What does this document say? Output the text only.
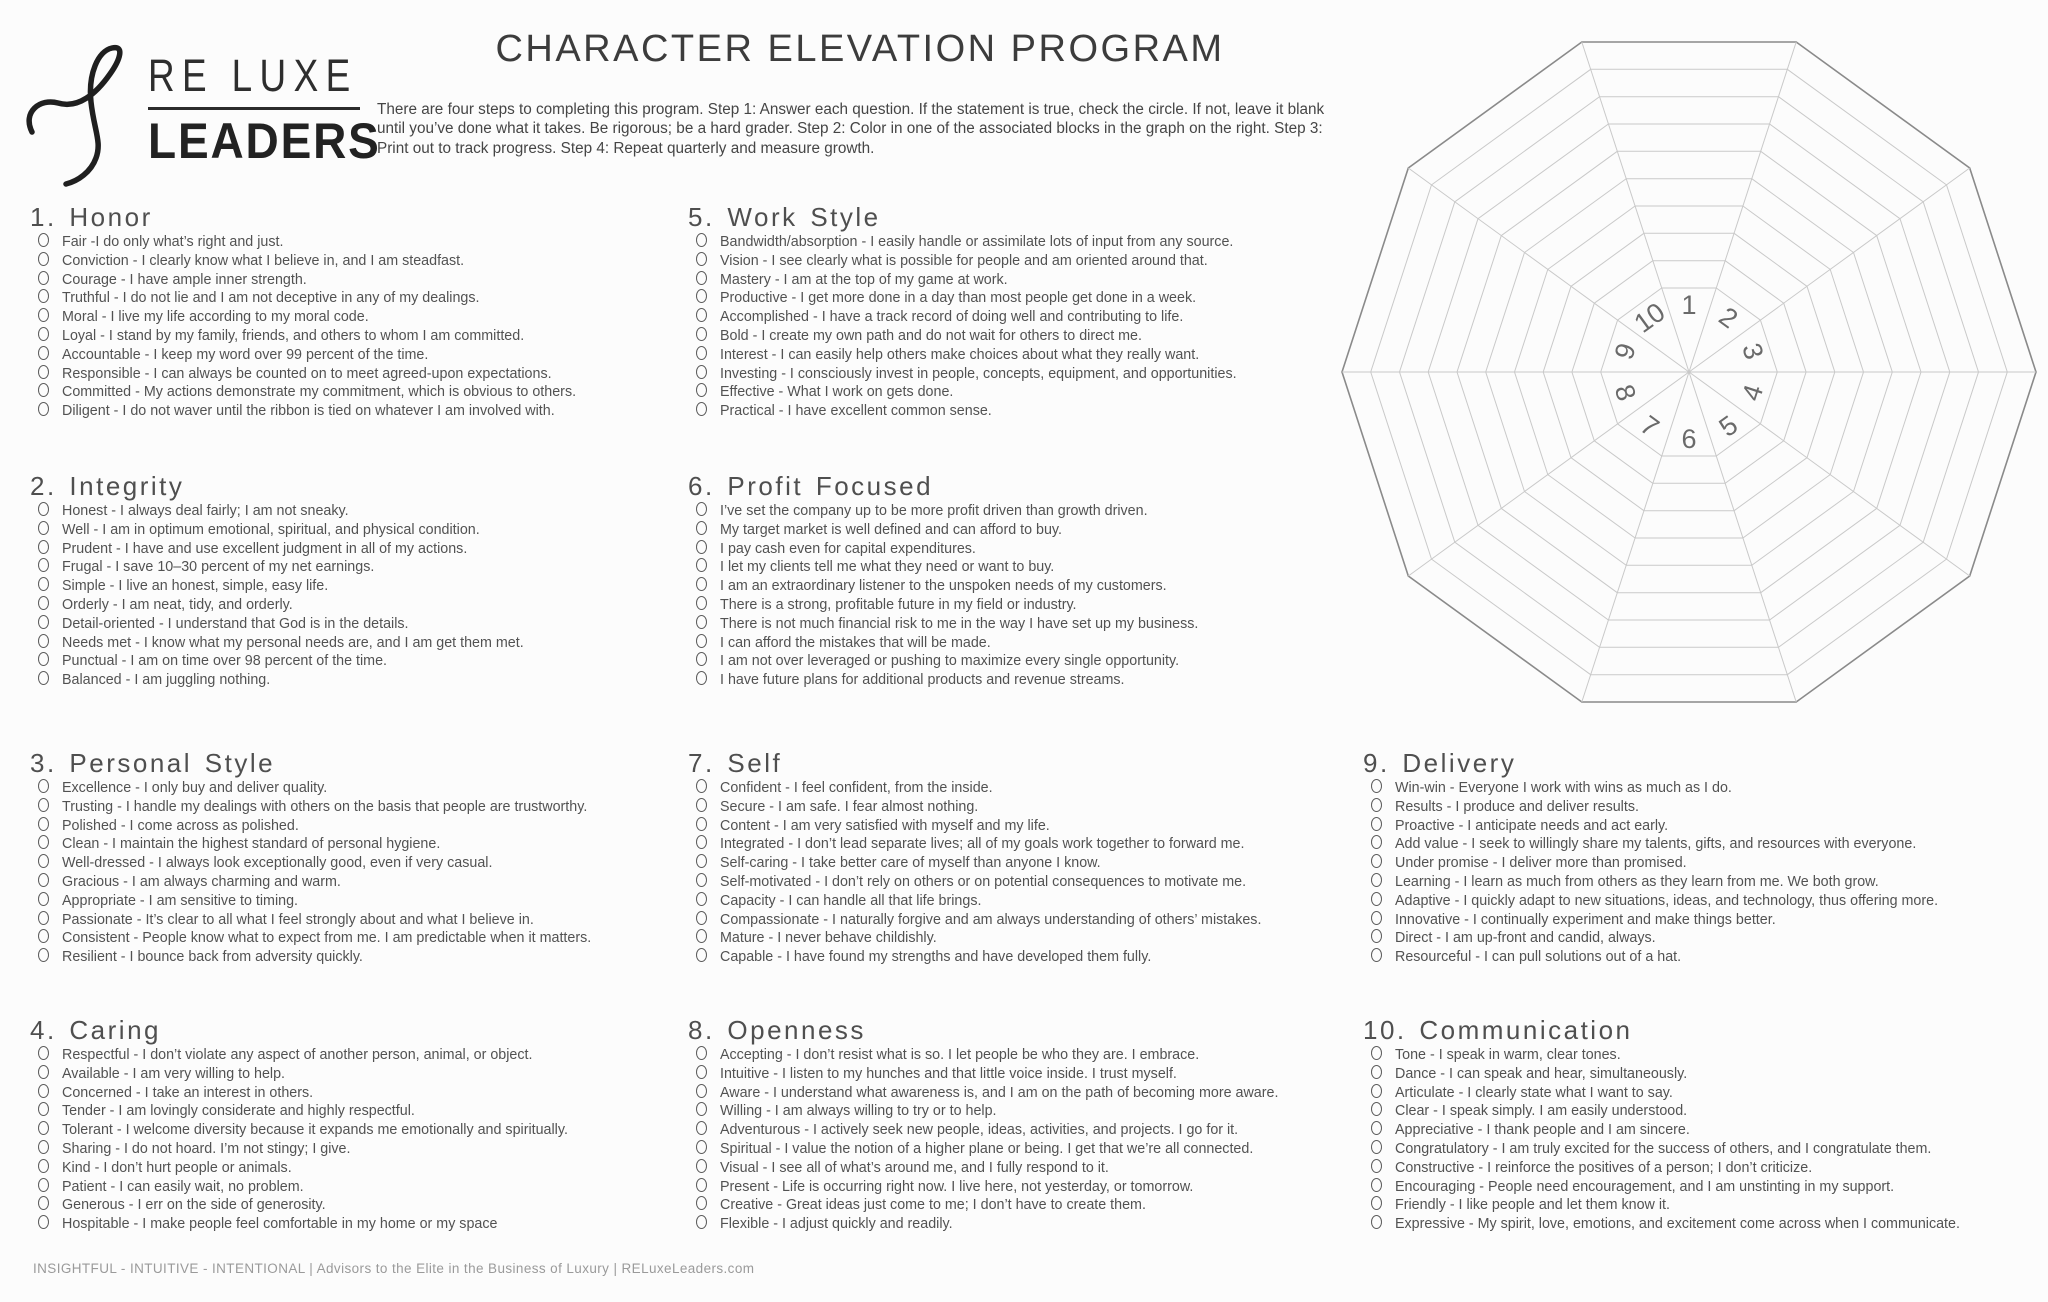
RE LUXE
LEADERS
CHARACTER ELEVATION PROGRAM
There are four steps to completing this program. Step 1: Answer each question. If the statement is true, check the circle. If not, leave it blank until you’ve done what it takes. Be rigorous; be a hard grader. Step 2: Color in one of the associated blocks in the graph on the right. Step 3: Print out to track progress. Step 4: Repeat quarterly and measure growth.
1. Honor
Fair -I do only what’s right and just.
Conviction - I clearly know what I believe in, and I am steadfast.
Courage - I have ample inner strength.
Truthful - I do not lie and I am not deceptive in any of my dealings.
Moral - I live my life according to my moral code.
Loyal - I stand by my family, friends, and others to whom I am committed.
Accountable - I keep my word over 99 percent of the time.
Responsible - I can always be counted on to meet agreed-upon expectations.
Committed - My actions demonstrate my commitment, which is obvious to others.
Diligent - I do not waver until the ribbon is tied on whatever I am involved with.
2. Integrity
Honest - I always deal fairly; I am not sneaky.
Well - I am in optimum emotional, spiritual, and physical condition.
Prudent - I have and use excellent judgment in all of my actions.
Frugal - I save 10–30 percent of my net earnings.
Simple - I live an honest, simple, easy life.
Orderly - I am neat, tidy, and orderly.
Detail-oriented - I understand that God is in the details.
Needs met - I know what my personal needs are, and I am get them met.
Punctual - I am on time over 98 percent of the time.
Balanced - I am juggling nothing.
3. Personal Style
Excellence - I only buy and deliver quality.
Trusting - I handle my dealings with others on the basis that people are trustworthy.
Polished - I come across as polished.
Clean - I maintain the highest standard of personal hygiene.
Well-dressed - I always look exceptionally good, even if very casual.
Gracious - I am always charming and warm.
Appropriate - I am sensitive to timing.
Passionate - It’s clear to all what I feel strongly about and what I believe in.
Consistent - People know what to expect from me. I am predictable when it matters.
Resilient - I bounce back from adversity quickly.
4. Caring
Respectful - I don’t violate any aspect of another person, animal, or object.
Available - I am very willing to help.
Concerned - I take an interest in others.
Tender - I am lovingly considerate and highly respectful.
Tolerant - I welcome diversity because it expands me emotionally and spiritually.
Sharing - I do not hoard. I’m not stingy; I give.
Kind - I don’t hurt people or animals.
Patient - I can easily wait, no problem.
Generous - I err on the side of generosity.
Hospitable - I make people feel comfortable in my home or my space
5. Work Style
Bandwidth/absorption - I easily handle or assimilate lots of input from any source.
Vision - I see clearly what is possible for people and am oriented around that.
Mastery - I am at the top of my game at work.
Productive - I get more done in a day than most people get done in a week.
Accomplished - I have a track record of doing well and contributing to life.
Bold - I create my own path and do not wait for others to direct me.
Interest - I can easily help others make choices about what they really want.
Investing - I consciously invest in people, concepts, equipment, and opportunities.
Effective - What I work on gets done.
Practical - I have excellent common sense.
6. Profit Focused
I’ve set the company up to be more profit driven than growth driven.
My target market is well defined and can afford to buy.
I pay cash even for capital expenditures.
I let my clients tell me what they need or want to buy.
I am an extraordinary listener to the unspoken needs of my customers.
There is a strong, profitable future in my field or industry.
There is not much financial risk to me in the way I have set up my business.
I can afford the mistakes that will be made.
I am not over leveraged or pushing to maximize every single opportunity.
I have future plans for additional products and revenue streams.
7. Self
Confident - I feel confident, from the inside.
Secure - I am safe. I fear almost nothing.
Content - I am very satisfied with myself and my life.
Integrated - I don’t lead separate lives; all of my goals work together to forward me.
Self-caring - I take better care of myself than anyone I know.
Self-motivated - I don’t rely on others or on potential consequences to motivate me.
Capacity - I can handle all that life brings.
Compassionate - I naturally forgive and am always understanding of others’ mistakes.
Mature - I never behave childishly.
Capable - I have found my strengths and have developed them fully.
8. Openness
Accepting - I don’t resist what is so. I let people be who they are. I embrace.
Intuitive - I listen to my hunches and that little voice inside. I trust myself.
Aware - I understand what awareness is, and I am on the path of becoming more aware.
Willing - I am always willing to try or to help.
Adventurous - I actively seek new people, ideas, activities, and projects. I go for it.
Spiritual - I value the notion of a higher plane or being. I get that we’re all connected.
Visual - I see all of what’s around me, and I fully respond to it.
Present - Life is occurring right now. I live here, not yesterday, or tomorrow.
Creative - Great ideas just come to me; I don’t have to create them.
Flexible - I adjust quickly and readily.
9. Delivery
Win-win - Everyone I work with wins as much as I do.
Results - I produce and deliver results.
Proactive - I anticipate needs and act early.
Add value - I seek to willingly share my talents, gifts, and resources with everyone.
Under promise - I deliver more than promised.
Learning - I learn as much from others as they learn from me. We both grow.
Adaptive - I quickly adapt to new situations, ideas, and technology, thus offering more.
Innovative - I continually experiment and make things better.
Direct - I am up-front and candid, always.
Resourceful - I can pull solutions out of a hat.
10. Communication
Tone - I speak in warm, clear tones.
Dance - I can speak and hear, simultaneously.
Articulate - I clearly state what I want to say.
Clear - I speak simply. I am easily understood.
Appreciative - I thank people and I am sincere.
Congratulatory - I am truly excited for the success of others, and I congratulate them.
Constructive - I reinforce the positives of a person; I don’t criticize.
Encouraging - People need encouragement, and I am unstinting in my support.
Friendly - I like people and let them know it.
Expressive - My spirit, love, emotions, and excitement come across when I communicate.
1 2
3
4
5
6
7
8
9
10
INSIGHTFUL - INTUITIVE - INTENTIONAL | Advisors to the Elite in the Business of Luxury | RELuxeLeaders.com
